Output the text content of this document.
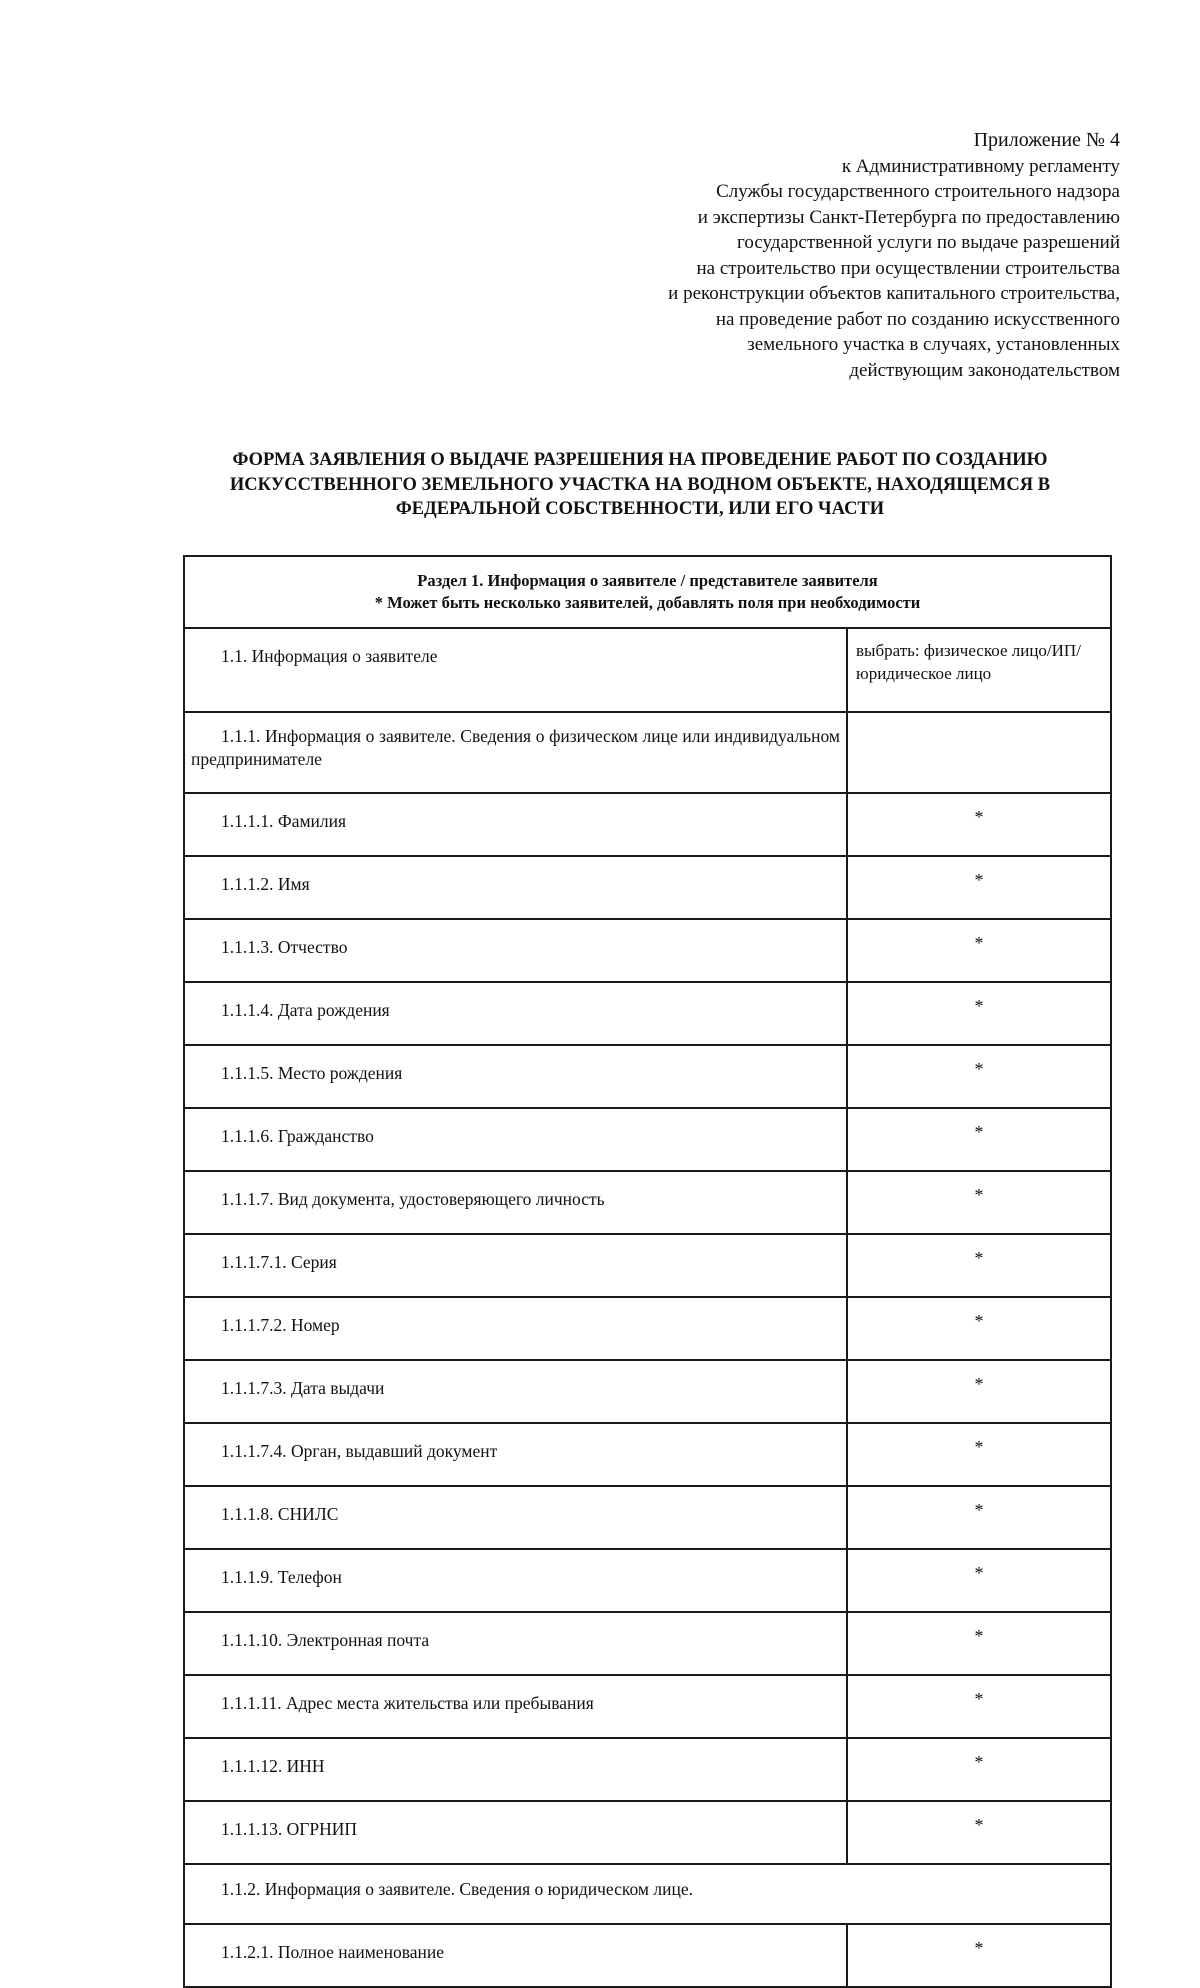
Приложение № 4
к Административному регламенту
Службы государственного строительного надзора
и экспертизы Санкт-Петербурга по предоставлению
государственной услуги по выдаче разрешений
на строительство при осуществлении строительства
и реконструкции объектов капитального строительства,
на проведение работ по созданию искусственного
земельного участка в случаях, установленных
действующим законодательством
ФОРМА ЗАЯВЛЕНИЯ О ВЫДАЧЕ РАЗРЕШЕНИЯ НА ПРОВЕДЕНИЕ РАБОТ ПО СОЗДАНИЮ
ИСКУССТВЕННОГО ЗЕМЕЛЬНОГО УЧАСТКА НА ВОДНОМ ОБЪЕКТЕ, НАХОДЯЩЕМСЯ В
ФЕДЕРАЛЬНОЙ СОБСТВЕННОСТИ, ИЛИ ЕГО ЧАСТИ
Раздел 1. Информация о заявителе / представителе заявителя
* Может быть несколько заявителей, добавлять поля при необходимости	

1.1. Информация о заявителе	выбрать: физическое лицо/ИП/юридическое лицо
1.1.1. Информация о заявителе. Сведения о физическом лице или индивидуальном предпринимателе	
1.1.1.1. Фамилия	*
1.1.1.2. Имя	*
1.1.1.3. Отчество	*
1.1.1.4. Дата рождения	*
1.1.1.5. Место рождения	*
1.1.1.6. Гражданство	*
1.1.1.7. Вид документа, удостоверяющего личность	*
1.1.1.7.1. Серия	*
1.1.1.7.2. Номер	*
1.1.1.7.3. Дата выдачи	*
1.1.1.7.4. Орган, выдавший документ	*
1.1.1.8. СНИЛС	*
1.1.1.9. Телефон	*
1.1.1.10. Электронная почта	*
1.1.1.11. Адрес места жительства или пребывания	*
1.1.1.12. ИНН	*
1.1.1.13. ОГРНИП	*
1.1.2. Информация о заявителе. Сведения о юридическом лице.	
1.1.2.1. Полное наименование	*
